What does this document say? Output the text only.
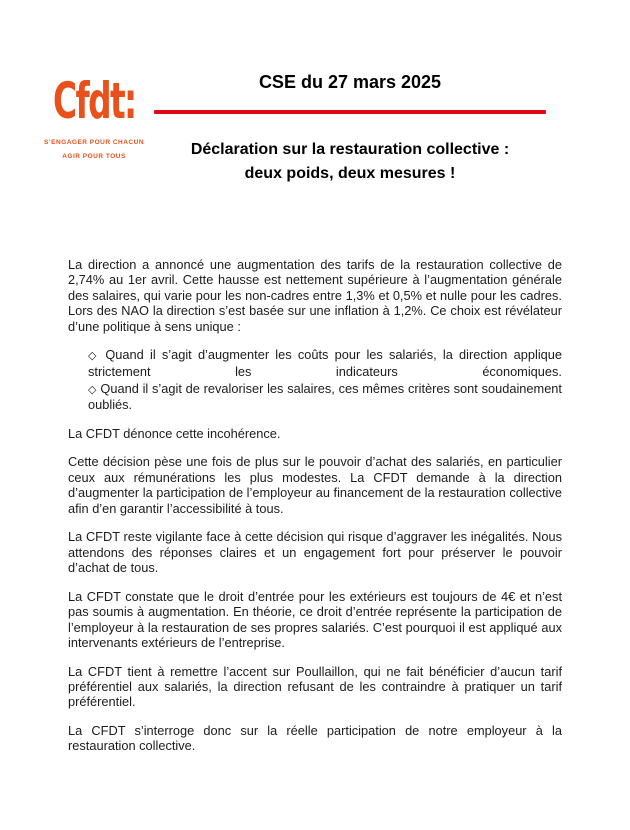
Cfdt:
S’ENGAGER POUR CHACUN
AGIR POUR TOUS
CSE du 27 mars 2025
Déclaration sur la restauration collective :
deux poids, deux mesures !

La direction a annoncé une augmentation des tarifs de la restauration collective de 2,74% au 1er avril. Cette hausse est nettement supérieure à l’augmentation générale des salaires, qui varie pour les non-cadres entre 1,3% et 0,5% et nulle pour les cadres. Lors des NAO la direction s’est basée sur une inflation à 1,2%. Ce choix est révélateur d’une politique à sens unique :

◇ Quand il s’agit d’augmenter les coûts pour les salariés, la direction applique strictement les indicateurs économiques.

◇ Quand il s’agit de revaloriser les salaires, ces mêmes critères sont soudainement oubliés.

La CFDT dénonce cette incohérence.

Cette décision pèse une fois de plus sur le pouvoir d’achat des salariés, en particulier ceux aux rémunérations les plus modestes. La CFDT demande à la direction d’augmenter la participation de l’employeur au financement de la restauration collective afin d’en garantir l’accessibilité à tous.

La CFDT reste vigilante face à cette décision qui risque d’aggraver les inégalités. Nous attendons des réponses claires et un engagement fort pour préserver le pouvoir d’achat de tous.

La CFDT constate que le droit d’entrée pour les extérieurs est toujours de 4€ et n’est pas soumis à augmentation. En théorie, ce droit d’entrée représente la participation de l’employeur à la restauration de ses propres salariés. C’est pourquoi il est appliqué aux intervenants extérieurs de l’entreprise.

La CFDT tient à remettre l’accent sur Poullaillon, qui ne fait bénéficier d’aucun tarif préférentiel aux salariés, la direction refusant de les contraindre à pratiquer un tarif préférentiel.

La CFDT s’interroge donc sur la réelle participation de notre employeur à la restauration collective.
